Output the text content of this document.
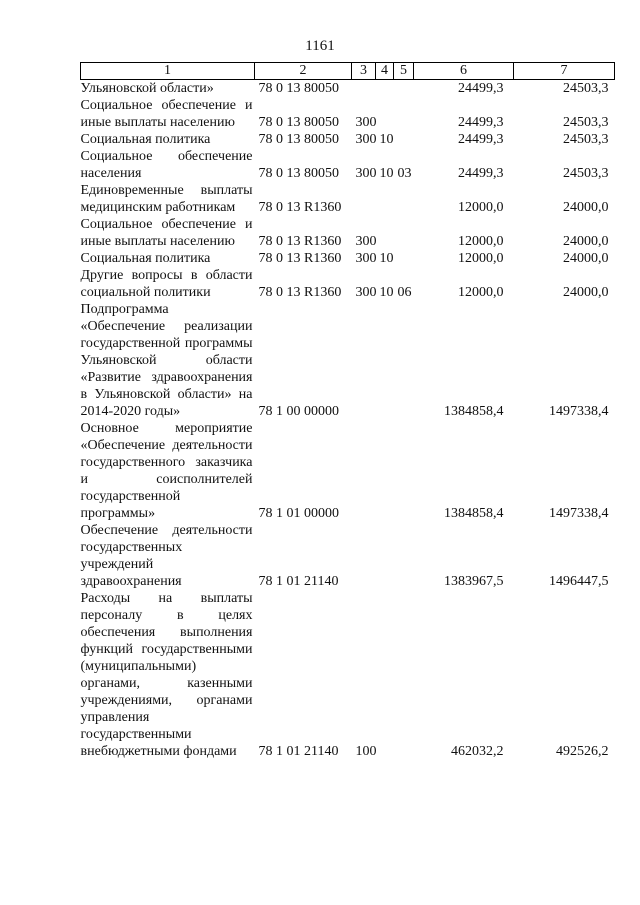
1161
1	2	3	4	5	6	7
Ульяновской области»	78 0 13 80050				24499,3	24503,3
Социальное обеспечение и иные выплаты населению	78 0 13 80050	300			24499,3	24503,3
Социальная политика	78 0 13 80050	300	10		24499,3	24503,3
Социальное обеспечение населения	78 0 13 80050	300	10	03	24499,3	24503,3
Единовременные выплаты медицинским работникам	78 0 13 R1360				12000,0	24000,0
Социальное обеспечение и иные выплаты населению	78 0 13 R1360	300			12000,0	24000,0
Социальная политика	78 0 13 R1360	300	10		12000,0	24000,0
Другие вопросы в области социальной политики	78 0 13 R1360	300	10	06	12000,0	24000,0
Подпрограмма «Обеспечение реализации государственной программы Ульяновской области «Развитие здравоохранения в Ульяновской области» на 2014-2020 годы»	78 1 00 00000				1384858,4	1497338,4
Основное мероприятие «Обеспечение деятельности государственного заказчика и соисполнителей государственной программы»	78 1 01 00000				1384858,4	1497338,4
Обеспечение деятельности государственных учреждений здравоохранения	78 1 01 21140				1383967,5	1496447,5
Расходы на выплаты персоналу в целях обеспечения выполнения функций государственными (муниципальными) органами, казенными учреждениями, органами управления государственными внебюджетными фондами	78 1 01 21140	100			462032,2	492526,2
